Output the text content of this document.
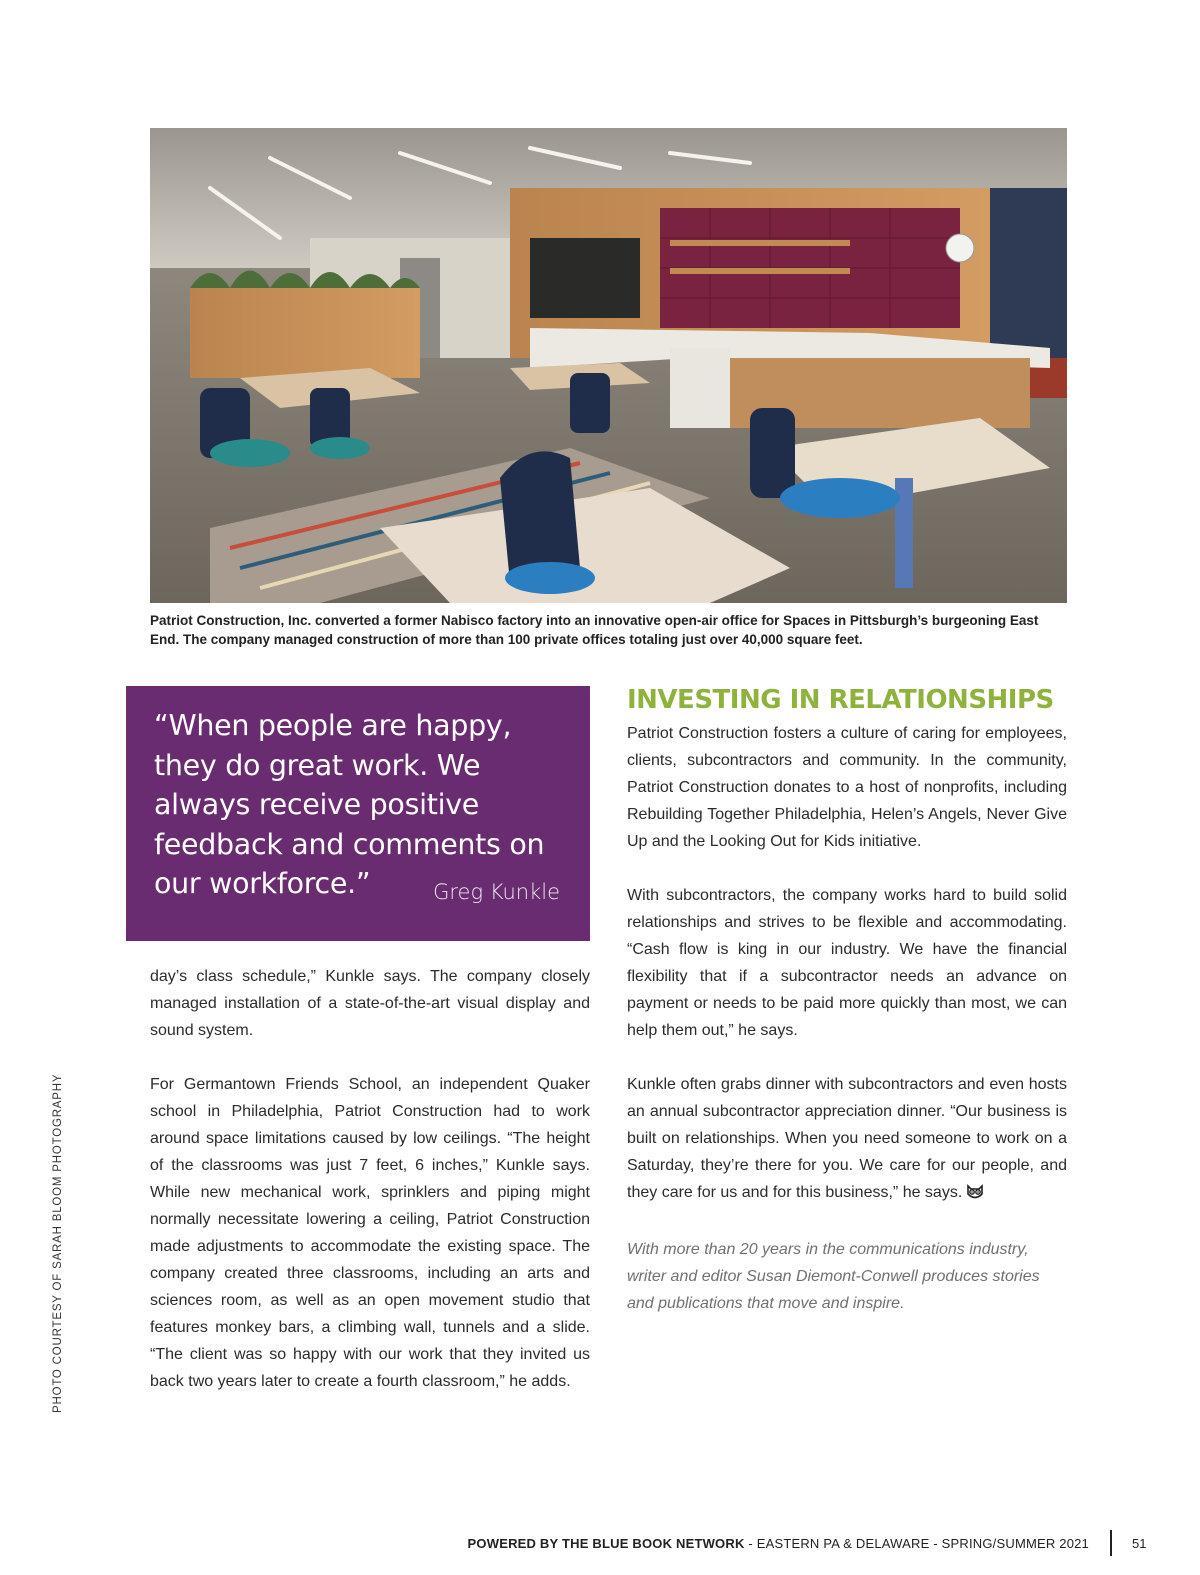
Patriot Construction, Inc. converted a former Nabisco factory into an innovative open-air office for Spaces in Pittsburgh’s burgeoning East End. The company managed construction of more than 100 private offices totaling just over 40,000 square feet.
“When people are happy, they do great work. We always receive positive feedback and comments on our workforce.”	Greg Kunkle

day’s class schedule,” Kunkle says. The company closely managed installation of a state-of-the-art visual display and sound system.

For Germantown Friends School, an independent Quaker school in Philadelphia, Patriot Construction had to work around space limitations caused by low ceilings. “The height of the classrooms was just 7 feet, 6 inches,” Kunkle says. While new mechanical work, sprinklers and piping might normally necessitate lowering a ceiling, Patriot Construction made adjustments to accommodate the existing space. The company created three classrooms, including an arts and sciences room, as well as an open movement studio that features monkey bars, a climbing wall, tunnels and a slide. “The client was so happy with our work that they invited us back two years later to create a fourth classroom,” he adds.

INVESTING IN RELATIONSHIPS

Patriot Construction fosters a culture of caring for employees, clients, subcontractors and community. In the community, Patriot Construction donates to a host of nonprofits, including Rebuilding Together Philadelphia, Helen’s Angels, Never Give Up and the Looking Out for Kids initiative.

With subcontractors, the company works hard to build solid relationships and strives to be flexible and accommodating. “Cash flow is king in our industry. We have the financial flexibility that if a subcontractor needs an advance on payment or needs to be paid more quickly than most, we can help them out,” he says.

Kunkle often grabs dinner with subcontractors and even hosts an annual subcontractor appreciation dinner. “Our business is built on relationships. When you need someone to work on a Saturday, they’re there for you. We care for our people, and they care for us and for this business,” he says.

With more than 20 years in the communications industry, writer and editor Susan Diemont-Conwell produces stories and publications that move and inspire.

PHOTO COURTESY OF SARAH BLOOM PHOTOGRAPHY
POWERED BY THE BLUE BOOK NETWORK - EASTERN PA & DELAWARE - SPRING/SUMMER 2021	51
